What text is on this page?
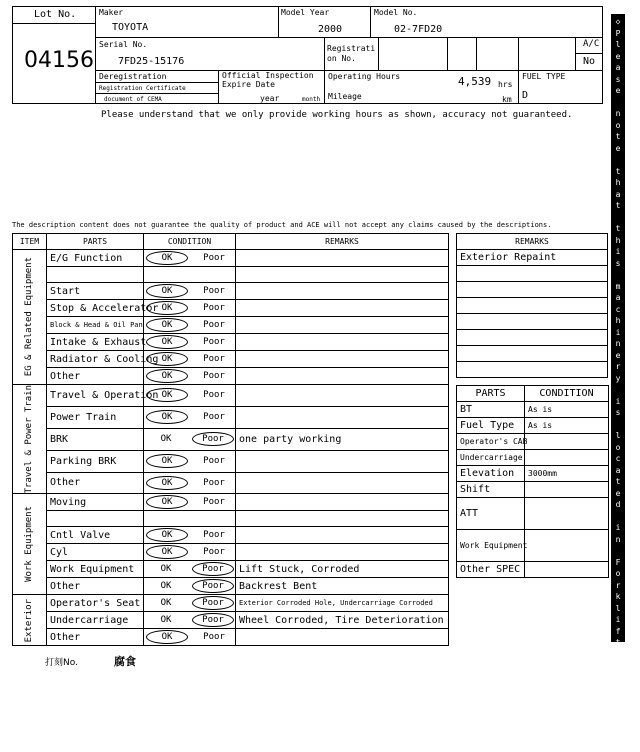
Lot No.
04156
Maker
TOYOTA
Model Year
2000
Model No.
02-7FD20
Serial No.
7FD25-15176
Registrati on No.
A/C
No
Deregistration
Registration Certificate
document of CEMA
Official Inspection Expire Date
year	month
Operating Hours	4,539 hrs
FUEL TYPE
D
Mileage	km
Please understand that we only provide working hours as shown, accuracy not guaranteed.
The description content does not guarantee the quality of product and ACE will not accept any claims caused by the descriptions.
ITEM	PARTS	CONDITION	REMARKS

EG & Related Equipment	E/G Function	OK Poor	

	Start	OK Poor	
	Stop & Accelerator	OK Poor	
	Block & Head & Oil Pan	OK Poor	
	Intake & Exhaust	OK Poor	
	Radiator & Cooling	OK Poor	
	Other	OK Poor	

Travel & Power Train	Travel & Operation	OK Poor	
	Power Train	OK Poor	
	BRK	OK Poor	one party working
	Parking BRK	OK Poor	
	Other	OK Poor	

Work Equipment	Moving	OK Poor	

	Cntl Valve	OK Poor	
	Cyl	OK Poor	
	Work Equipment	OK Poor	Lift Stuck, Corroded
	Other	OK Poor	Backrest Bent

Exterior	Operator's Seat	OK Poor	Exterior Corroded Hole, Undercarriage Corroded
	Undercarriage	OK Poor	Wheel Corroded, Tire Deterioration
	Other	OK Poor	
REMARKS
Exterior Repaint

PARTS	CONDITION
BT	As is
Fuel Type	As is
Operator's CAB	
Undercarriage	
Elevation	3000mm
Shift	
ATT	
Work Equipment	
Other SPEC	
◇
P
l
e
a
s
e

n
o
t
e

t
h
a
t

t
h
i
s

m
a
c
h
i
n
e
r
y

i
s

l
o
c
a
t
e
d

i
n

F
o
r
k
l
i
f
t

P
a
r
k
i
n
g
◇
打刻No.	腐食
